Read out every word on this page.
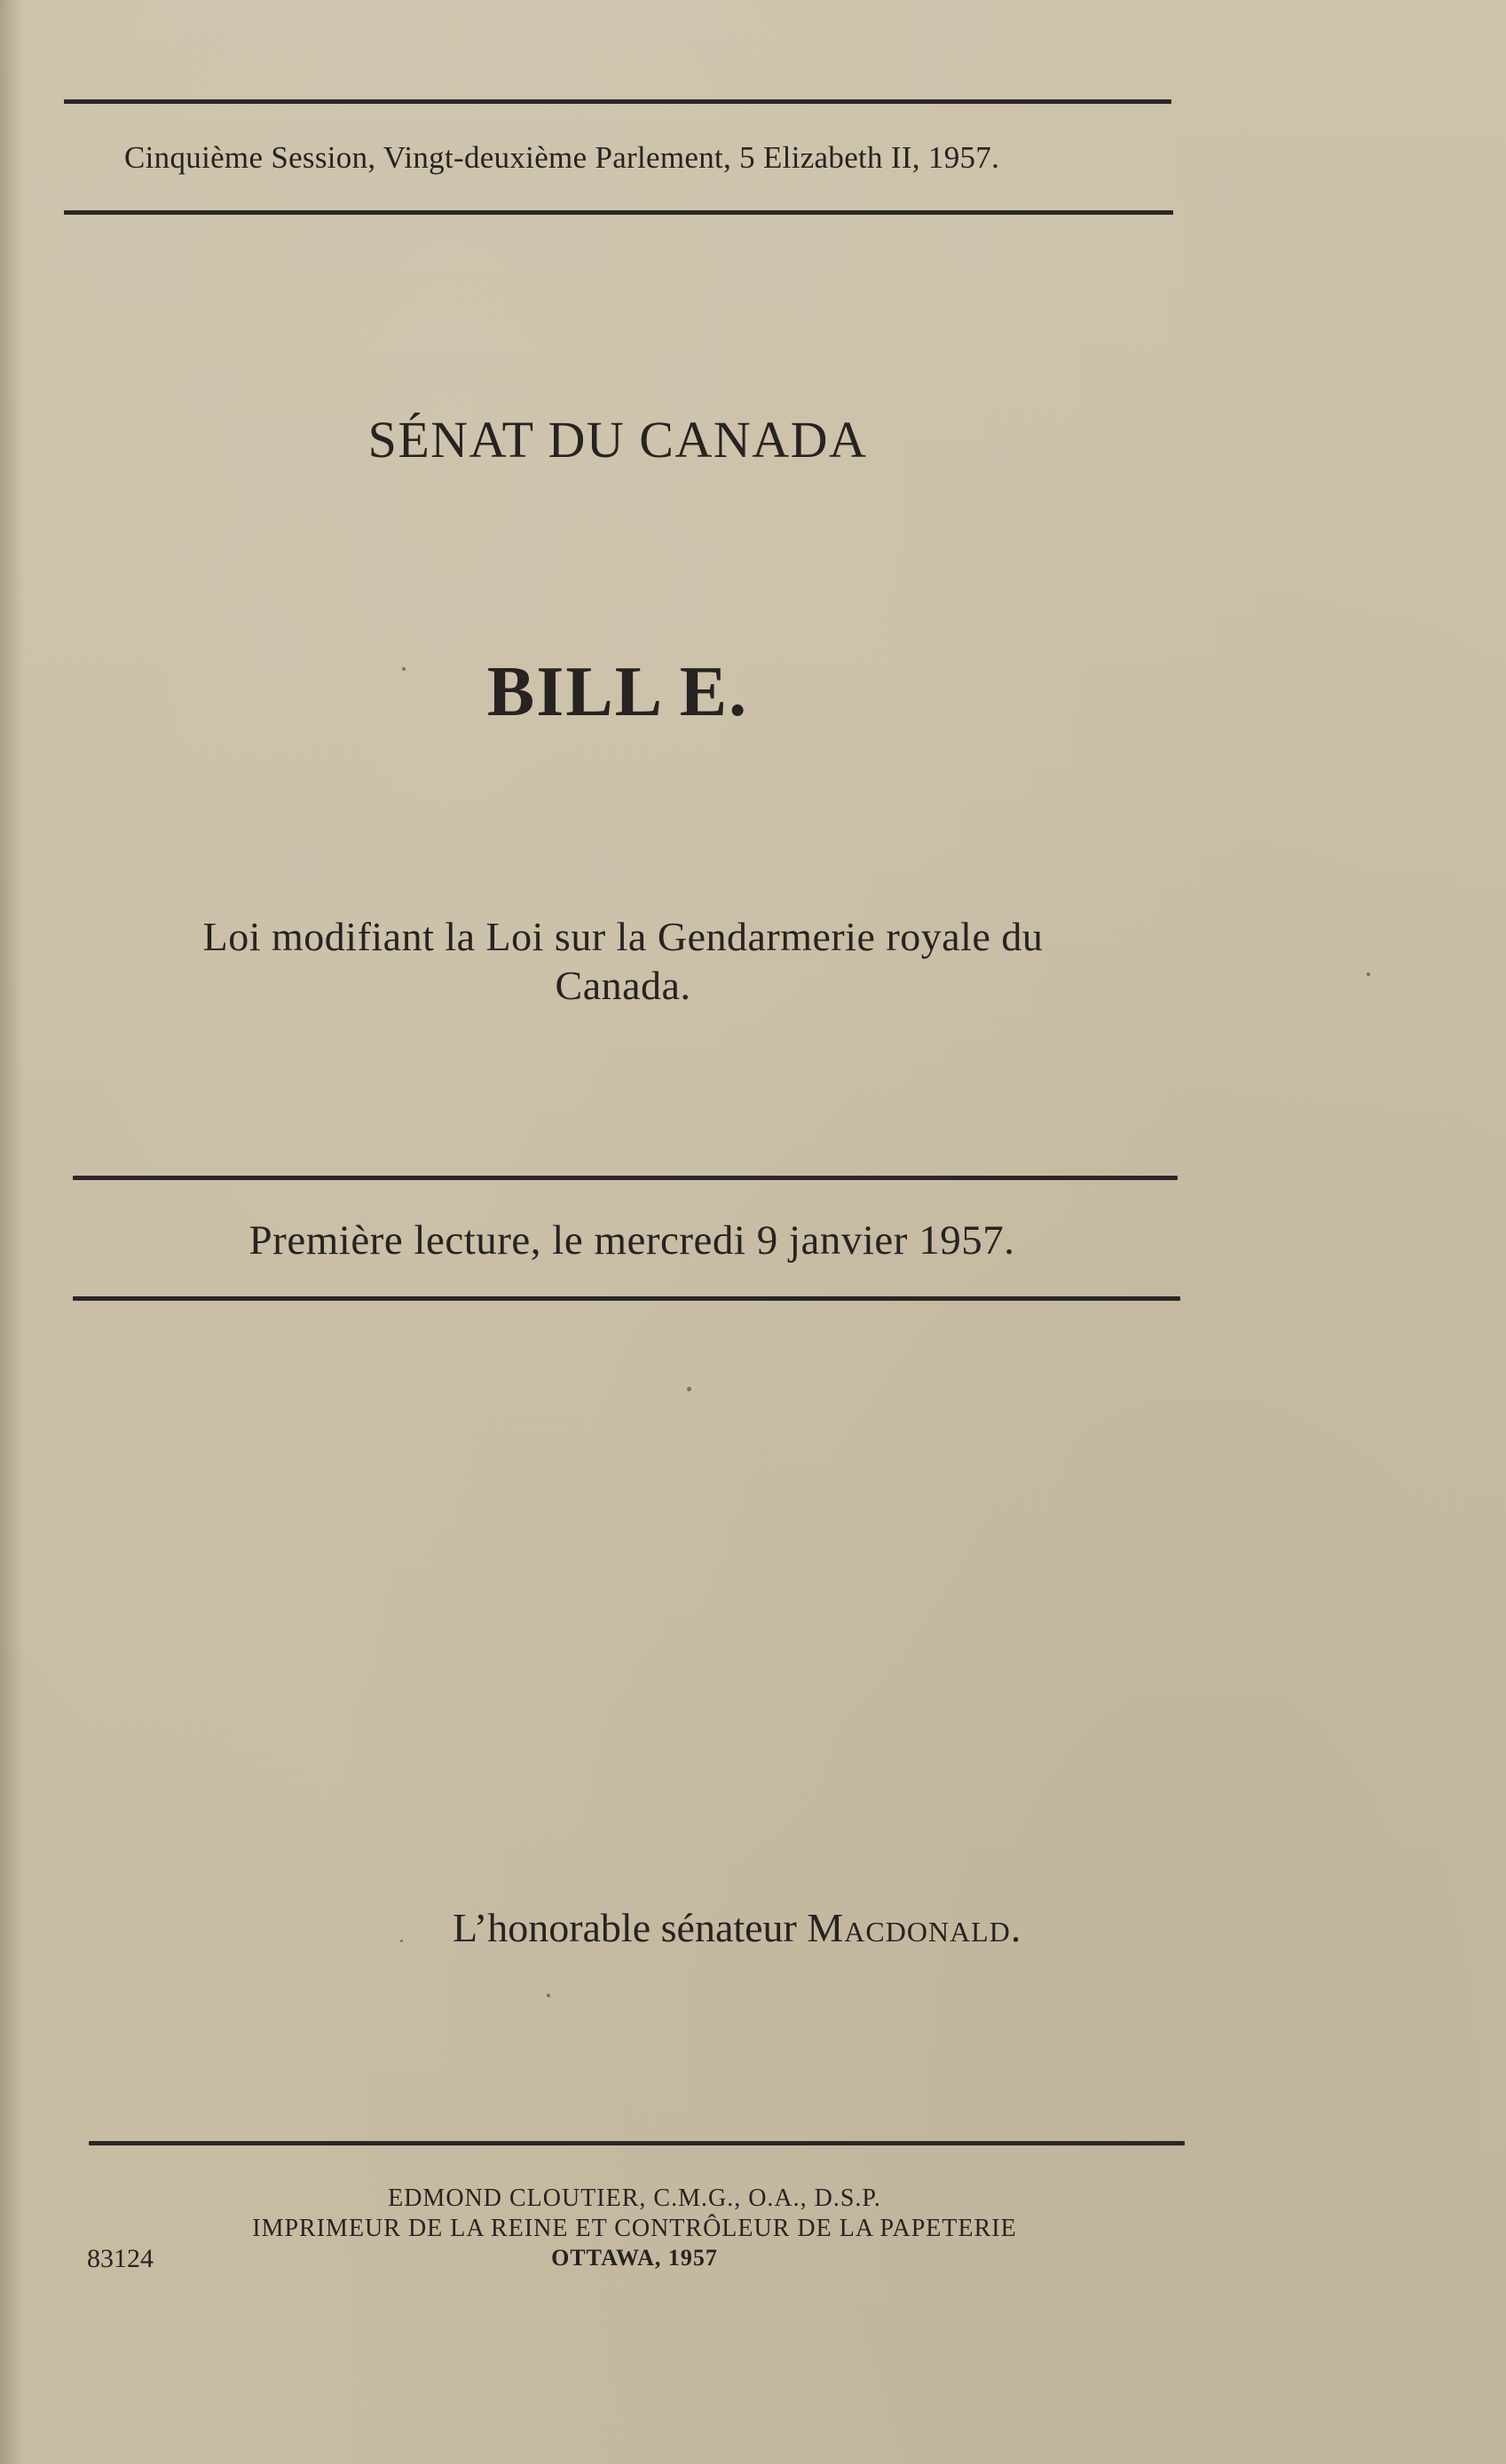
Cinquième Session, Vingt-deuxième Parlement, 5 Elizabeth II, 1957.

SÉNAT DU CANADA

BILL E.

Loi modifiant la Loi sur la Gendarmerie royale du Canada.

Première lecture, le mercredi 9 janvier 1957.

L’honorable sénateur Macdonald.

EDMOND CLOUTIER, C.M.G., O.A., D.S.P.

IMPRIMEUR DE LA REINE ET CONTRÔLEUR DE LA PAPETERIE

OTTAWA, 1957

83124
